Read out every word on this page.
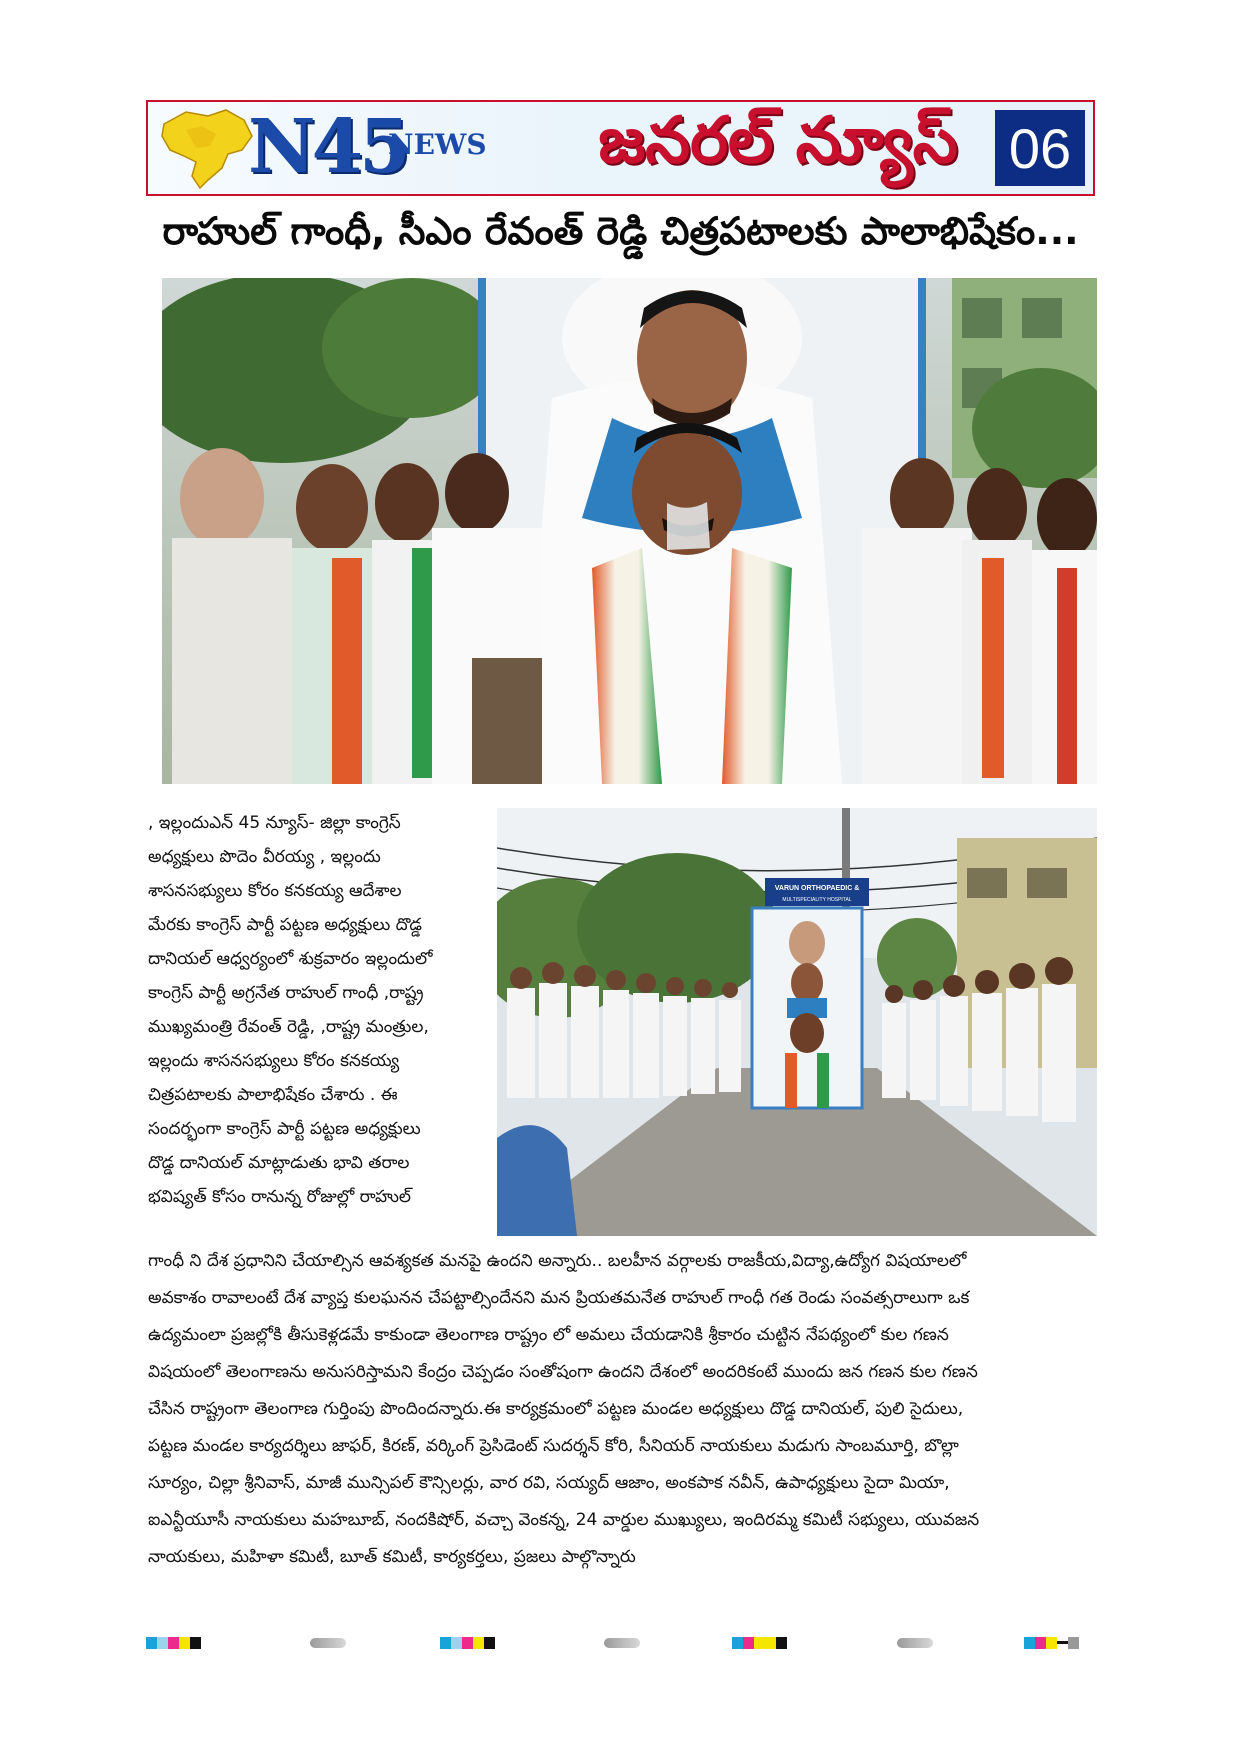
N45
NEWS	జనరల్ న్యూస్ 06
రాహుల్ గాంధీ, సీఎం రేవంత్ రెడ్డి చిత్రపటాలకు పాలాభిషేకం...
VARUN ORTHOPAEDIC &
MULTISPECIALITY HOSPITAL
, ఇల్లందుఎన్ 45 న్యూస్- జిల్లా కాంగ్రెస్
అధ్యక్షులు పొదెం వీరయ్య , ఇల్లందు
శాసనసభ్యులు కోరం కనకయ్య ఆదేశాల
మేరకు కాంగ్రెస్ పార్టీ పట్టణ అధ్యక్షులు దొడ్డ
దానియల్ ఆధ్వర్యంలో శుక్రవారం ఇల్లందులో
కాంగ్రెస్ పార్టీ అగ్రనేత రాహుల్ గాంధీ ,రాష్ట్ర
ముఖ్యమంత్రి రేవంత్ రెడ్డి, ,రాష్ట్ర మంత్రుల,
ఇల్లందు శాసనసభ్యులు కోరం కనకయ్య
చిత్రపటాలకు పాలాభిషేకం చేశారు . ఈ
సందర్భంగా కాంగ్రెస్ పార్టీ పట్టణ అధ్యక్షులు
దొడ్డ దానియల్ మాట్లాడుతు భావి తరాల
భవిష్యత్ కోసం రానున్న రోజుల్లో రాహుల్
గాంధీ ని దేశ ప్రధానిని చేయాల్సిన ఆవశ్యకత మనపై ఉందని అన్నారు.. బలహీన వర్గాలకు రాజకీయ,విద్యా,ఉద్యోగ విషయాలలో
అవకాశం రావాలంటే దేశ వ్యాప్త కులఘనన చేపట్టాల్సిందేనని మన ప్రియతమనేత రాహుల్ గాంధీ గత రెండు సంవత్సరాలుగా ఒక
ఉద్యమంలా ప్రజల్లోకి తీసుకెళ్లడమే కాకుండా తెలంగాణ రాష్ట్రం లో అమలు చేయడానికి శ్రీకారం చుట్టిన నేపథ్యంలో కుల గణన
విషయంలో తెలంగాణను అనుసరిస్తామని కేంద్రం చెప్పడం సంతోషంగా ఉందని దేశంలో అందరికంటే ముందు జన గణన కుల గణన
చేసిన రాష్ట్రంగా తెలంగాణ గుర్తింపు పొందిందన్నారు.ఈ కార్యక్రమంలో పట్టణ మండల అధ్యక్షులు దొడ్డ దానియల్, పులి సైదులు,
పట్టణ మండల కార్యదర్శిలు జాఫర్, కిరణ్, వర్కింగ్ ప్రెసిడెంట్ సుదర్శన్ కోరి, సీనియర్ నాయకులు మడుగు సాంబమూర్తి, బొల్లా
సూర్యం, చిల్లా శ్రీనివాస్, మాజీ మున్సిపల్ కౌన్సిలర్లు, వార రవి, సయ్యద్ ఆజాం, అంకపాక నవీన్, ఉపాధ్యక్షులు సైదా మియా,
ఐఎన్టీయూసీ నాయకులు మహబూబ్, నందకిషోర్, వచ్చా వెంకన్న, 24 వార్డుల ముఖ్యులు, ఇందిరమ్మ కమిటీ సభ్యులు, యువజన
నాయకులు, మహిళా కమిటీ, బూత్ కమిటీ, కార్యకర్తలు, ప్రజలు పాల్గొన్నారు
